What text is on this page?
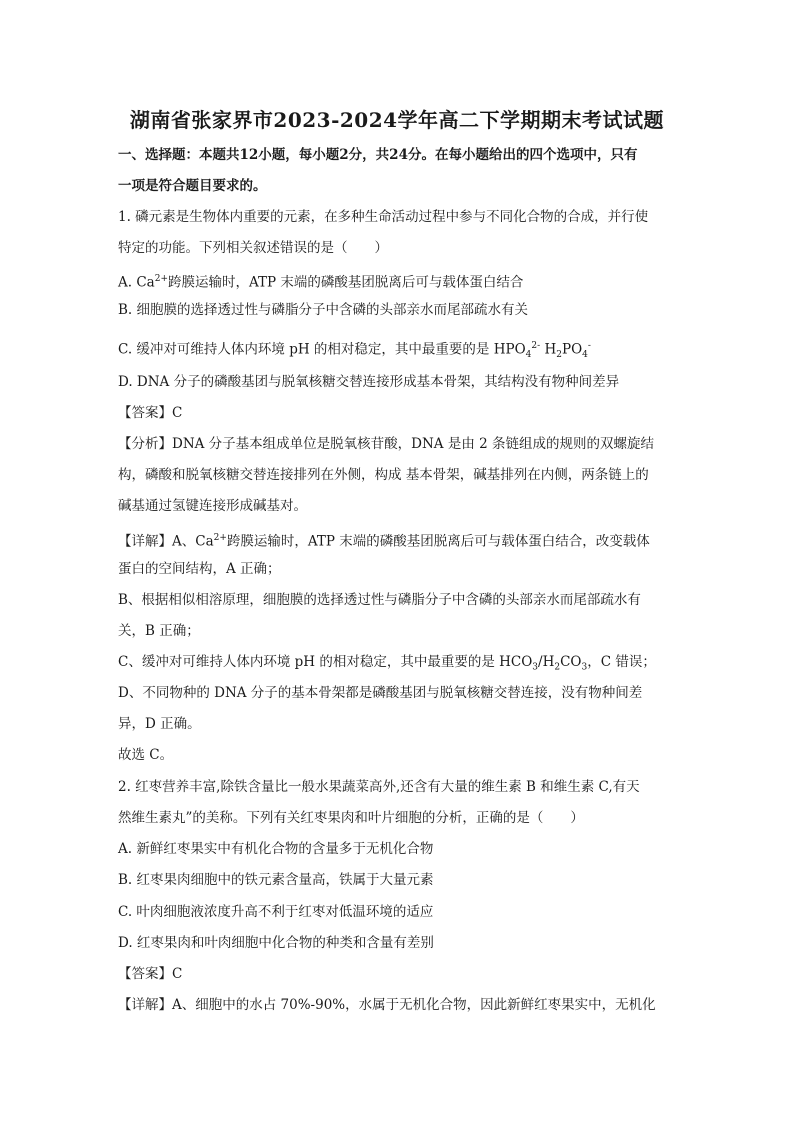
湖南省张家界市2023-2024学年高二下学期期末考试试题
一、选择题：本题共12小题，每小题2分，共24分。在每小题给出的四个选项中，只有
一项是符合题目要求的。
1. 磷元素是生物体内重要的元素，在多种生命活动过程中参与不同化合物的合成，并行使
特定的功能。下列相关叙述错误的是（　　）
A. $Ca^{2+}$跨膜运输时，ATP 末端的磷酸基团脱离后可与载体蛋白结合
B. 细胞膜的选择透过性与磷脂分子中含磷的头部亲水而尾部疏水有关
C. 缓冲对可维持人体内环境 pH 的相对稳定，其中最重要的是 $HPO_4^{2-}$ $H_2PO_4^-$
D. DNA 分子的磷酸基团与脱氧核糖交替连接形成基本骨架，其结构没有物种间差异
【答案】C
【分析】DNA 分子基本组成单位是脱氧核苷酸，DNA 是由 2 条链组成的规则的双螺旋结
构，磷酸和脱氧核糖交替连接排列在外侧，构成 基本骨架，碱基排列在内侧，两条链上的
碱基通过氢键连接形成碱基对。
【详解】A、$Ca^{2+}$跨膜运输时，ATP 末端的磷酸基团脱离后可与载体蛋白结合，改变载体
蛋白的空间结构，A 正确；
B、根据相似相溶原理，细胞膜的选择透过性与磷脂分子中含磷的头部亲水而尾部疏水有
关，B 正确；
C、缓冲对可维持人体内环境 pH 的相对稳定，其中最重要的是 $HCO_3/H_2CO_3$，C 错误；
D、不同物种的 DNA 分子的基本骨架都是磷酸基团与脱氧核糖交替连接，没有物种间差
异，D 正确。
故选 C。
2. 红枣营养丰富,除铁含量比一般水果蔬菜高外,还含有大量的维生素 B 和维生素 C,有天
然维生素丸”的美称。下列有关红枣果肉和叶片细胞的分析，正确的是（　　）
A. 新鲜红枣果实中有机化合物的含量多于无机化合物
B. 红枣果肉细胞中的铁元素含量高，铁属于大量元素
C. 叶肉细胞液浓度升高不利于红枣对低温环境的适应
D. 红枣果肉和叶肉细胞中化合物的种类和含量有差别
【答案】C
【详解】A、细胞中的水占 70%-90%，水属于无机化合物，因此新鲜红枣果实中，无机化
